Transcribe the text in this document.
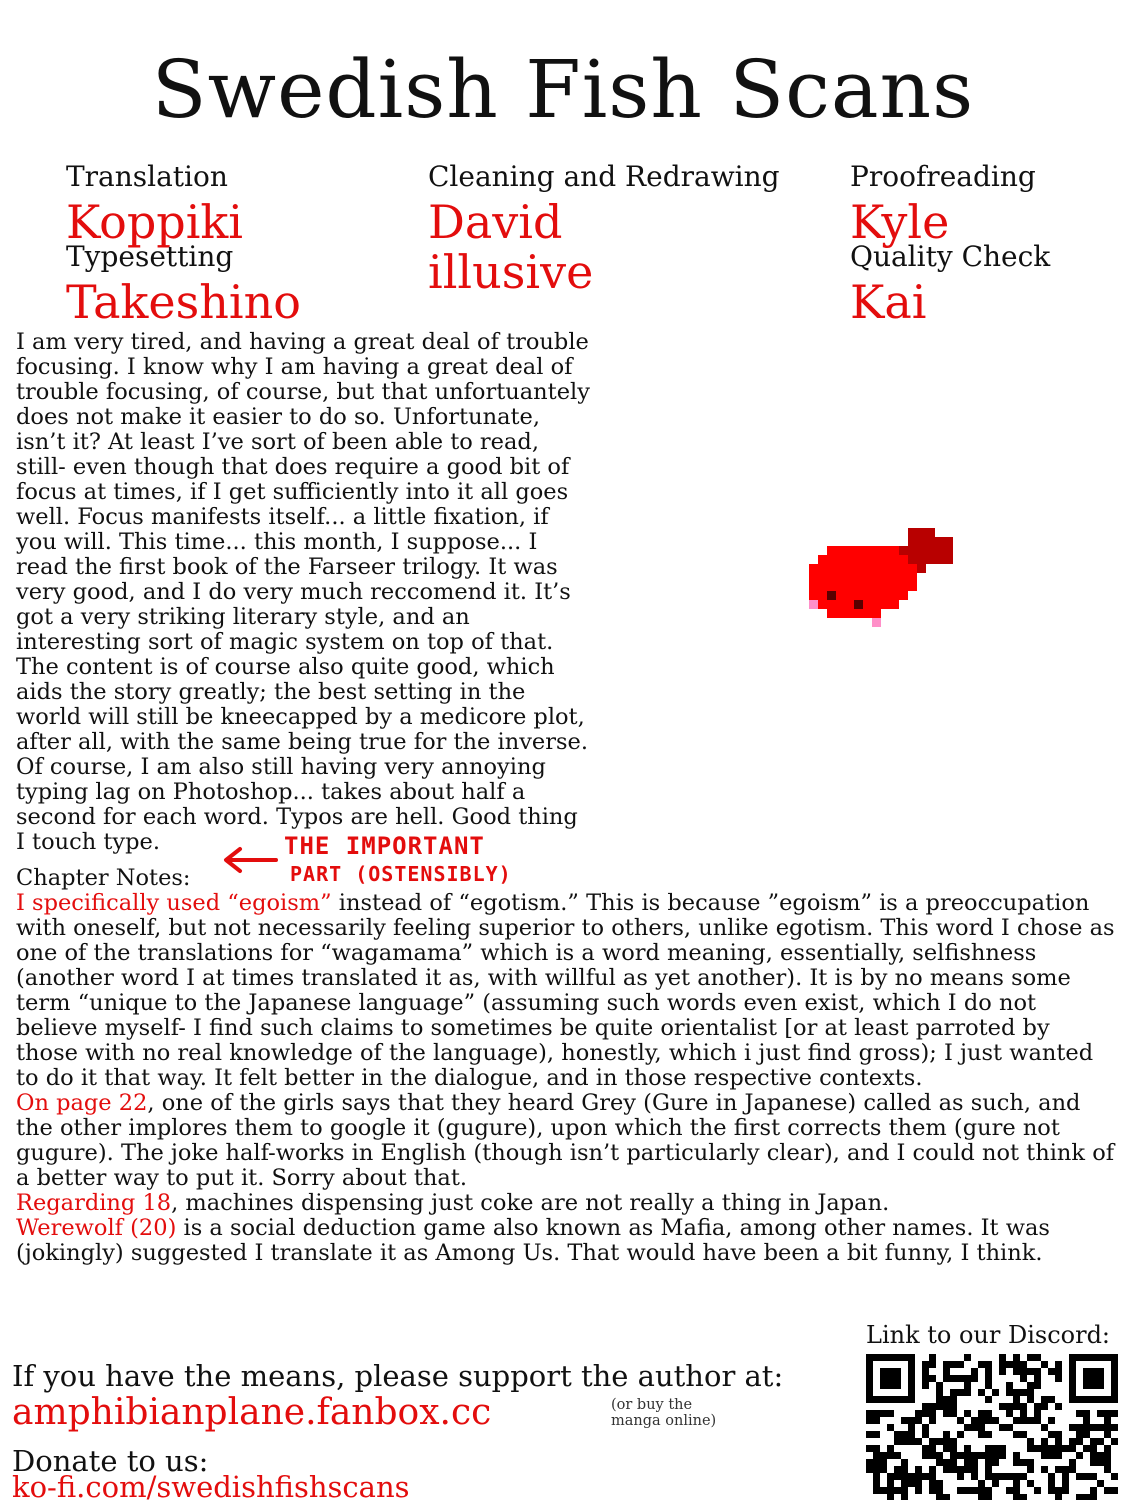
Swedish Fish Scans
Translation
Koppiki
Typesetting
Takeshino
Cleaning and Redrawing
David
illusive
Proofreading
Kyle
Quality Check
Kai
I am very tired, and having a great deal of trouble
focusing. I know why I am having a great deal of
trouble focusing, of course, but that unfortuantely
does not make it easier to do so. Unfortunate,
isn’t it? At least I’ve sort of been able to read,
still- even though that does require a good bit of
focus at times, if I get sufficiently into it all goes
well. Focus manifests itself... a little fixation, if
you will. This time... this month, I suppose... I
read the first book of the Farseer trilogy. It was
very good, and I do very much reccomend it. It’s
got a very striking literary style, and an
interesting sort of magic system on top of that.
The content is of course also quite good, which
aids the story greatly; the best setting in the
world will still be kneecapped by a medicore plot,
after all, with the same being true for the inverse.
Of course, I am also still having very annoying
typing lag on Photoshop... takes about half a
second for each word. Typos are hell. Good thing
I touch type.	THE IMPORTANT
PART (OSTENSIBLY)
Chapter Notes:

I specifically used “egoism” instead of “egotism.” This is because ”egoism” is a preoccupation with oneself, but not necessarily feeling superior to others, unlike egotism. This word I chose as one of the translations for “wagamama” which is a word meaning, essentially, selfishness (another word I at times translated it as, with willful as yet another). It is by no means some term “unique to the Japanese language” (assuming such words even exist, which I do not believe myself- I find such claims to sometimes be quite orientalist [or at least parroted by those with no real knowledge of the language), honestly, which i just find gross); I just wanted to do it that way. It felt better in the dialogue, and in those respective contexts.

On page 22, one of the girls says that they heard Grey (Gure in Japanese) called as such, and the other implores them to google it (gugure), upon which the first corrects them (gure not gugure). The joke half-works in English (though isn’t particularly clear), and I could not think of a better way to put it. Sorry about that.

Regarding 18, machines dispensing just coke are not really a thing in Japan.

Werewolf (20) is a social deduction game also known as Mafia, among other names. It was (jokingly) suggested I translate it as Among Us. That would have been a bit funny, I think.

If you have the means, please support the author at:
amphibianplane.fanbox.cc	(or buy the
manga online)
Donate to us:
ko-fi.com/swedishfishscans
Link to our Discord:
